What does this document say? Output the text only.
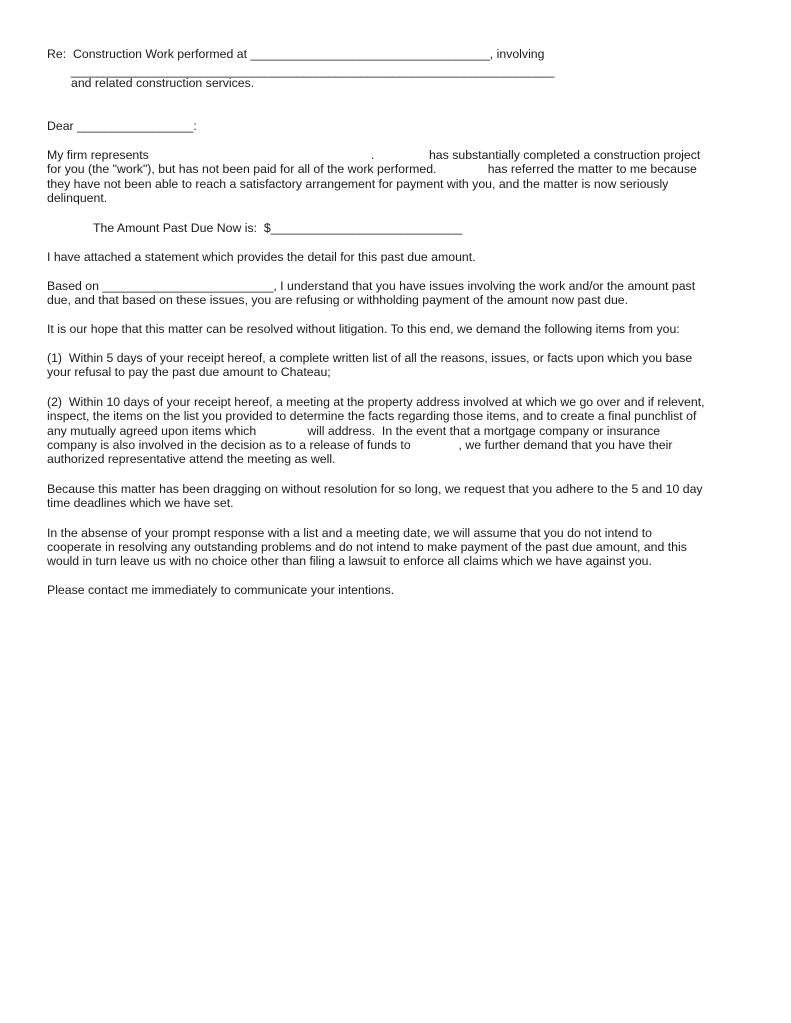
Re:  Construction Work performed at ___________________________________, involving
___________________________________________________________________________
and related construction services.
Dear _________________:
My firm represents                                                                 .                has substantially completed a construction project
for you (the "work"), but has not been paid for all of the work performed.               has referred the matter to me because
they have not been able to reach a satisfactory arrangement for payment with you, and the matter is now seriously
delinquent.
The Amount Past Due Now is:  $____________________________
I have attached a statement which provides the detail for this past due amount.
Based on _________________________, I understand that you have issues involving the work and/or the amount past
due, and that based on these issues, you are refusing or withholding payment of the amount now past due.
It is our hope that this matter can be resolved without litigation. To this end, we demand the following items from you:
(1)  Within 5 days of your receipt hereof, a complete written list of all the reasons, issues, or facts upon which you base
your refusal to pay the past due amount to Chateau;
(2)  Within 10 days of your receipt hereof, a meeting at the property address involved at which we go over and if relevent,
inspect, the items on the list you provided to determine the facts regarding those items, and to create a final punchlist of
any mutually agreed upon items which               will address.  In the event that a mortgage company or insurance
company is also involved in the decision as to a release of funds to              , we further demand that you have their
authorized representative attend the meeting as well.
Because this matter has been dragging on without resolution for so long, we request that you adhere to the 5 and 10 day
time deadlines which we have set.
In the absense of your prompt response with a list and a meeting date, we will assume that you do not intend to
cooperate in resolving any outstanding problems and do not intend to make payment of the past due amount, and this
would in turn leave us with no choice other than filing a lawsuit to enforce all claims which we have against you.
Please contact me immediately to communicate your intentions.
